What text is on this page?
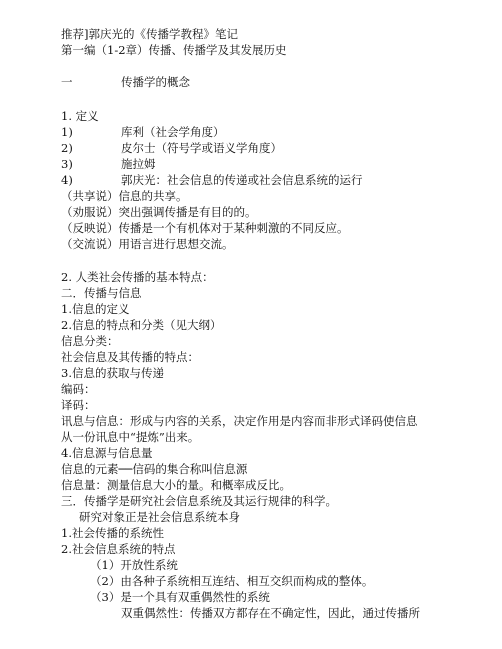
推荐]郭庆光的《传播学教程》笔记
第一编（1-2章）传播、传播学及其发展历史
一	传播学的概念
1. 定义
1)	库利（社会学角度）
2)	皮尔士（符号学或语义学角度）
3)	施拉姆
4)	郭庆光：社会信息的传递或社会信息系统的运行
（共享说）信息的共享。
（劝服说）突出强调传播是有目的的。
（反映说）传播是一个有机体对于某种刺激的不同反应。
（交流说）用语言进行思想交流。
2. 人类社会传播的基本特点：
二．传播与信息
1.信息的定义
2.信息的特点和分类（见大纲）
信息分类：
社会信息及其传播的特点：
3.信息的获取与传递
编码：
译码：
讯息与信息：形成与内容的关系，决定作用是内容而非形式译码使信息
从一份讯息中“提炼”出来。
4.信息源与信息量
信息的元素──信码的集合称叫信息源
信息量：测量信息大小的量。和概率成反比。
三．传播学是研究社会信息系统及其运行规律的科学。
研究对象正是社会信息系统本身
1.社会传播的系统性
2.社会信息系统的特点
（1）开放性系统
（2）由各种子系统相互连结、相互交织而构成的整体。
（3）是一个具有双重偶然性的系统
双重偶然性：传播双方都存在不确定性，因此，通过传播所
